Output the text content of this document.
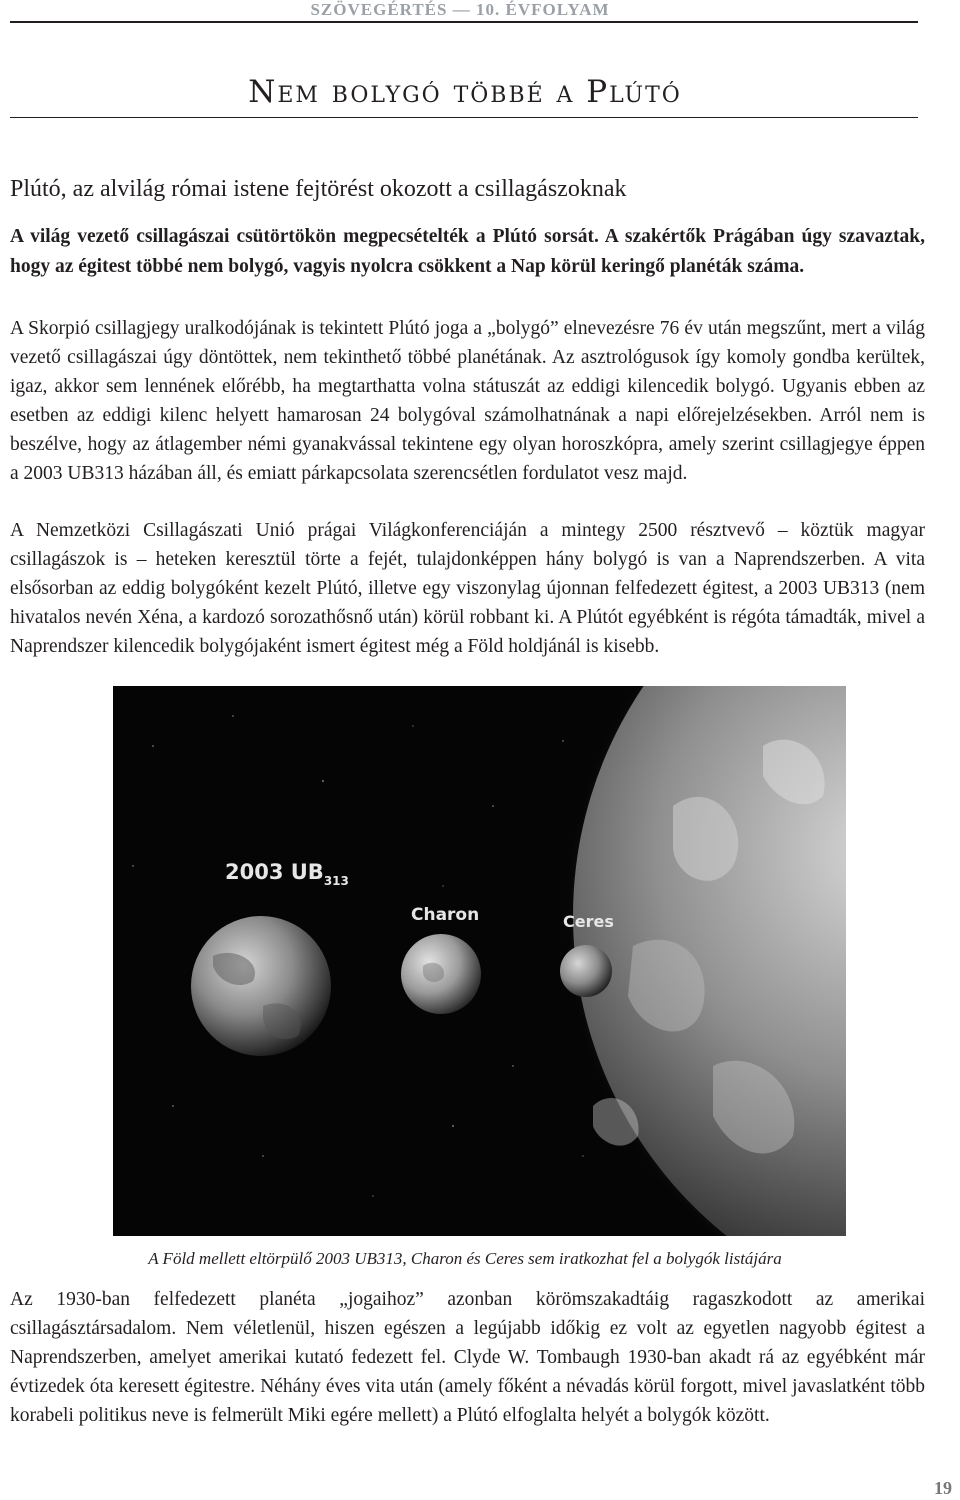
SZÖVEGÉRTÉS — 10. ÉVFOLYAM
Nem bolygó többé a Plútó

Plútó, az alvilág római istene fejtörést okozott a csillagászoknak

A világ vezető csillagászai csütörtökön megpecsételték a Plútó sorsát. A szakértők Prágában úgy szavaztak, hogy az égitest többé nem bolygó, vagyis nyolcra csökkent a Nap körül keringő planéták száma.

A Skorpió csillagjegy uralkodójának is tekintett Plútó joga a „bolygó” elnevezésre 76 év után megszűnt, mert a világ vezető csillagászai úgy döntöttek, nem tekinthető többé planétának. Az asztrológusok így komoly gondba kerültek, igaz, akkor sem lennének előrébb, ha megtarthatta volna státuszát az eddigi kilencedik bolygó. Ugyanis ebben az esetben az eddigi kilenc helyett hamarosan 24 bolygóval számolhatnának a napi előrejelzésekben. Arról nem is beszélve, hogy az átlagember némi gyanakvással tekintene egy olyan horoszkópra, amely szerint csillagjegye éppen a 2003 UB313 házában áll, és emiatt párkapcsolata szerencsétlen fordulatot vesz majd.

A Nemzetközi Csillagászati Unió prágai Világkonferenciáján a mintegy 2500 résztvevő – köztük magyar csillagászok is – heteken keresztül törte a fejét, tulajdonképpen hány bolygó is van a Naprendszerben. A vita elsősorban az eddig bolygóként kezelt Plútó, illetve egy viszonylag újonnan felfedezett égitest, a 2003 UB313 (nem hivatalos nevén Xéna, a kardozó sorozathősnő után) körül robbant ki. A Plútót egyébként is régóta támadták, mivel a Naprendszer kilencedik bolygójaként ismert égitest még a Föld holdjánál is kisebb.

2003 $UB_{313}$
Charon	Ceres
A Föld mellett eltörpülő 2003 UB313, Charon és Ceres sem iratkozhat fel a bolygók listájára

Az 1930-ban felfedezett planéta „jogaihoz” azonban körömszakadtáig ragaszkodott az amerikai csillagásztársadalom. Nem véletlenül, hiszen egészen a legújabb időkig ez volt az egyetlen nagyobb égitest a Naprendszerben, amelyet amerikai kutató fedezett fel. Clyde W. Tombaugh 1930-ban akadt rá az egyébként már évtizedek óta keresett égitestre. Néhány éves vita után (amely főként a névadás körül forgott, mivel javaslatként több korabeli politikus neve is felmerült Miki egére mellett) a Plútó elfoglalta helyét a bolygók között.

19
